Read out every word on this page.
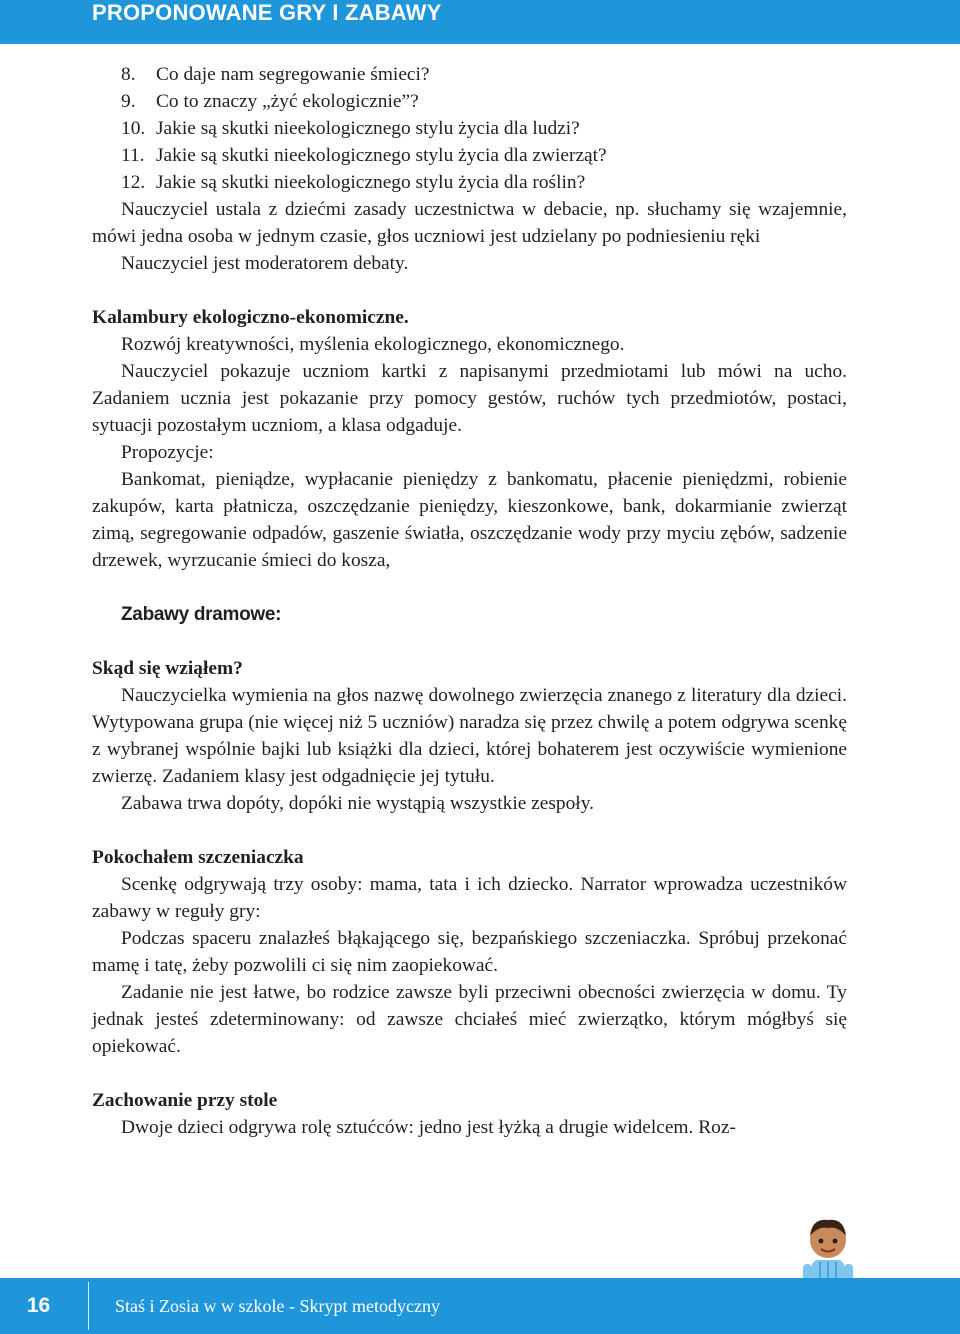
PROPONOWANE GRY I ZABAWY

8. Co daje nam segregowanie śmieci?

9. Co to znaczy „żyć ekologicznie”?

10. Jakie są skutki nieekologicznego stylu życia dla ludzi?

11. Jakie są skutki nieekologicznego stylu życia dla zwierząt?

12. Jakie są skutki nieekologicznego stylu życia dla roślin?

Nauczyciel ustala z dziećmi zasady uczestnictwa w debacie, np. słuchamy się wzajemnie, mówi jedna osoba w jednym czasie, głos uczniowi jest udzielany po podniesieniu ręki

Nauczyciel jest moderatorem debaty.

Kalambury ekologiczno-ekonomiczne.

Rozwój kreatywności, myślenia ekologicznego, ekonomicznego.

Nauczyciel pokazuje uczniom kartki z napisanymi przedmiotami lub mówi na ucho. Zadaniem ucznia jest pokazanie przy pomocy gestów, ruchów tych przedmiotów, postaci, sytuacji pozostałym uczniom, a klasa odgaduje.

Propozycje:

Bankomat, pieniądze, wypłacanie pieniędzy z bankomatu, płacenie pieniędzmi, robienie zakupów, karta płatnicza, oszczędzanie pieniędzy, kieszonkowe, bank, dokarmianie zwierząt zimą, segregowanie odpadów, gaszenie światła, oszczędzanie wody przy myciu zębów, sadzenie drzewek, wyrzucanie śmieci do kosza,

Zabawy dramowe:

Skąd się wziąłem?

Nauczycielka wymienia na głos nazwę dowolnego zwierzęcia znanego z literatury dla dzieci. Wytypowana grupa (nie więcej niż 5 uczniów) naradza się przez chwilę a potem odgrywa scenkę z wybranej wspólnie bajki lub książki dla dzieci, której bohaterem jest oczywiście wymienione zwierzę. Zadaniem klasy jest odgadnięcie jej tytułu.

Zabawa trwa dopóty, dopóki nie wystąpią wszystkie zespoły.

Pokochałem szczeniaczka

Scenkę odgrywają trzy osoby: mama, tata i ich dziecko. Narrator wprowadza uczestników zabawy w reguły gry:

Podczas spaceru znalazłeś błąkającego się, bezpańskiego szczeniaczka. Spróbuj przekonać mamę i tatę, żeby pozwolili ci się nim zaopiekować.

Zadanie nie jest łatwe, bo rodzice zawsze byli przeciwni obecności zwierzęcia w domu. Ty jednak jesteś zdeterminowany: od zawsze chciałeś mieć zwierzątko, którym mógłbyś się opiekować.

Zachowanie przy stole

Dwoje dzieci odgrywa rolę sztućców: jedno jest łyżką a drugie widelcem. Roz-

16	Staś i Zosia w w szkole - Skrypt metodyczny
